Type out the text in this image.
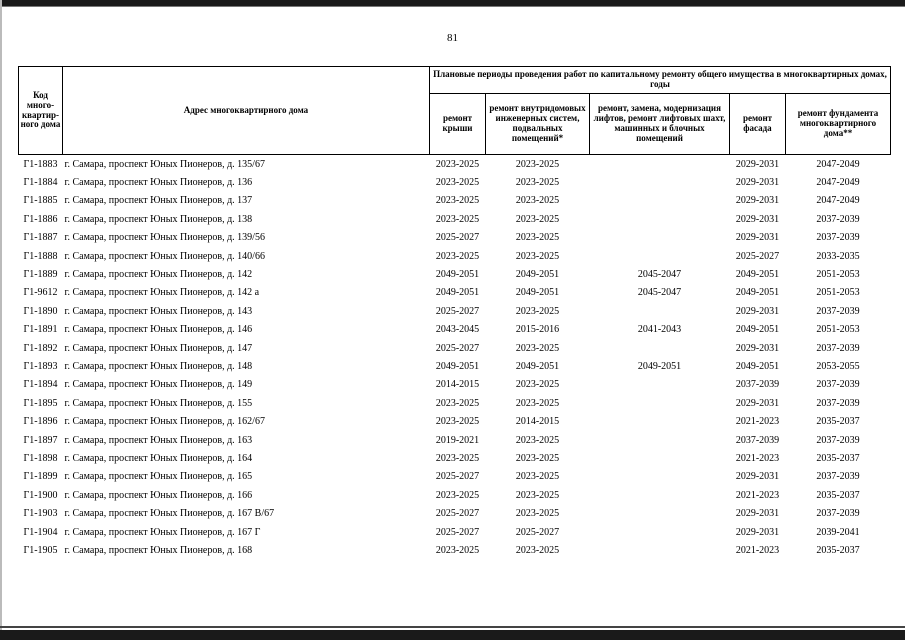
81
Код много-квартир-ного дома	Адрес многоквартирного дома	Плановые периоды проведения работ по капитальному ремонту общего имущества в многоквартирных домах, годы				
		ремонт крыши	ремонт внутридомовых инженерных систем, подвальных помещений*	ремонт, замена, модернизация лифтов, ремонт лифтовых шахт, машинных и блочных помещений	ремонт фасада	ремонт фундамента многоквартирного дома**
Г1-1883	г. Самара, проспект Юных Пионеров, д. 135/67	2023-2025	2023-2025		2029-2031	2047-2049
Г1-1884	г. Самара, проспект Юных Пионеров, д. 136	2023-2025	2023-2025		2029-2031	2047-2049
Г1-1885	г. Самара, проспект Юных Пионеров, д. 137	2023-2025	2023-2025		2029-2031	2047-2049
Г1-1886	г. Самара, проспект Юных Пионеров, д. 138	2023-2025	2023-2025		2029-2031	2037-2039
Г1-1887	г. Самара, проспект Юных Пионеров, д. 139/56	2025-2027	2023-2025		2029-2031	2037-2039
Г1-1888	г. Самара, проспект Юных Пионеров, д. 140/66	2023-2025	2023-2025		2025-2027	2033-2035
Г1-1889	г. Самара, проспект Юных Пионеров, д. 142	2049-2051	2049-2051	2045-2047	2049-2051	2051-2053
Г1-9612	г. Самара, проспект Юных Пионеров, д. 142 а	2049-2051	2049-2051	2045-2047	2049-2051	2051-2053
Г1-1890	г. Самара, проспект Юных Пионеров, д. 143	2025-2027	2023-2025		2029-2031	2037-2039
Г1-1891	г. Самара, проспект Юных Пионеров, д. 146	2043-2045	2015-2016	2041-2043	2049-2051	2051-2053
Г1-1892	г. Самара, проспект Юных Пионеров, д. 147	2025-2027	2023-2025		2029-2031	2037-2039
Г1-1893	г. Самара, проспект Юных Пионеров, д. 148	2049-2051	2049-2051	2049-2051	2049-2051	2053-2055
Г1-1894	г. Самара, проспект Юных Пионеров, д. 149	2014-2015	2023-2025		2037-2039	2037-2039
Г1-1895	г. Самара, проспект Юных Пионеров, д. 155	2023-2025	2023-2025		2029-2031	2037-2039
Г1-1896	г. Самара, проспект Юных Пионеров, д. 162/67	2023-2025	2014-2015		2021-2023	2035-2037
Г1-1897	г. Самара, проспект Юных Пионеров, д. 163	2019-2021	2023-2025		2037-2039	2037-2039
Г1-1898	г. Самара, проспект Юных Пионеров, д. 164	2023-2025	2023-2025		2021-2023	2035-2037
Г1-1899	г. Самара, проспект Юных Пионеров, д. 165	2025-2027	2023-2025		2029-2031	2037-2039
Г1-1900	г. Самара, проспект Юных Пионеров, д. 166	2023-2025	2023-2025		2021-2023	2035-2037
Г1-1903	г. Самара, проспект Юных Пионеров, д. 167 В/67	2025-2027	2023-2025		2029-2031	2037-2039
Г1-1904	г. Самара, проспект Юных Пионеров, д. 167 Г	2025-2027	2025-2027		2029-2031	2039-2041
Г1-1905	г. Самара, проспект Юных Пионеров, д. 168	2023-2025	2023-2025		2021-2023	2035-2037
